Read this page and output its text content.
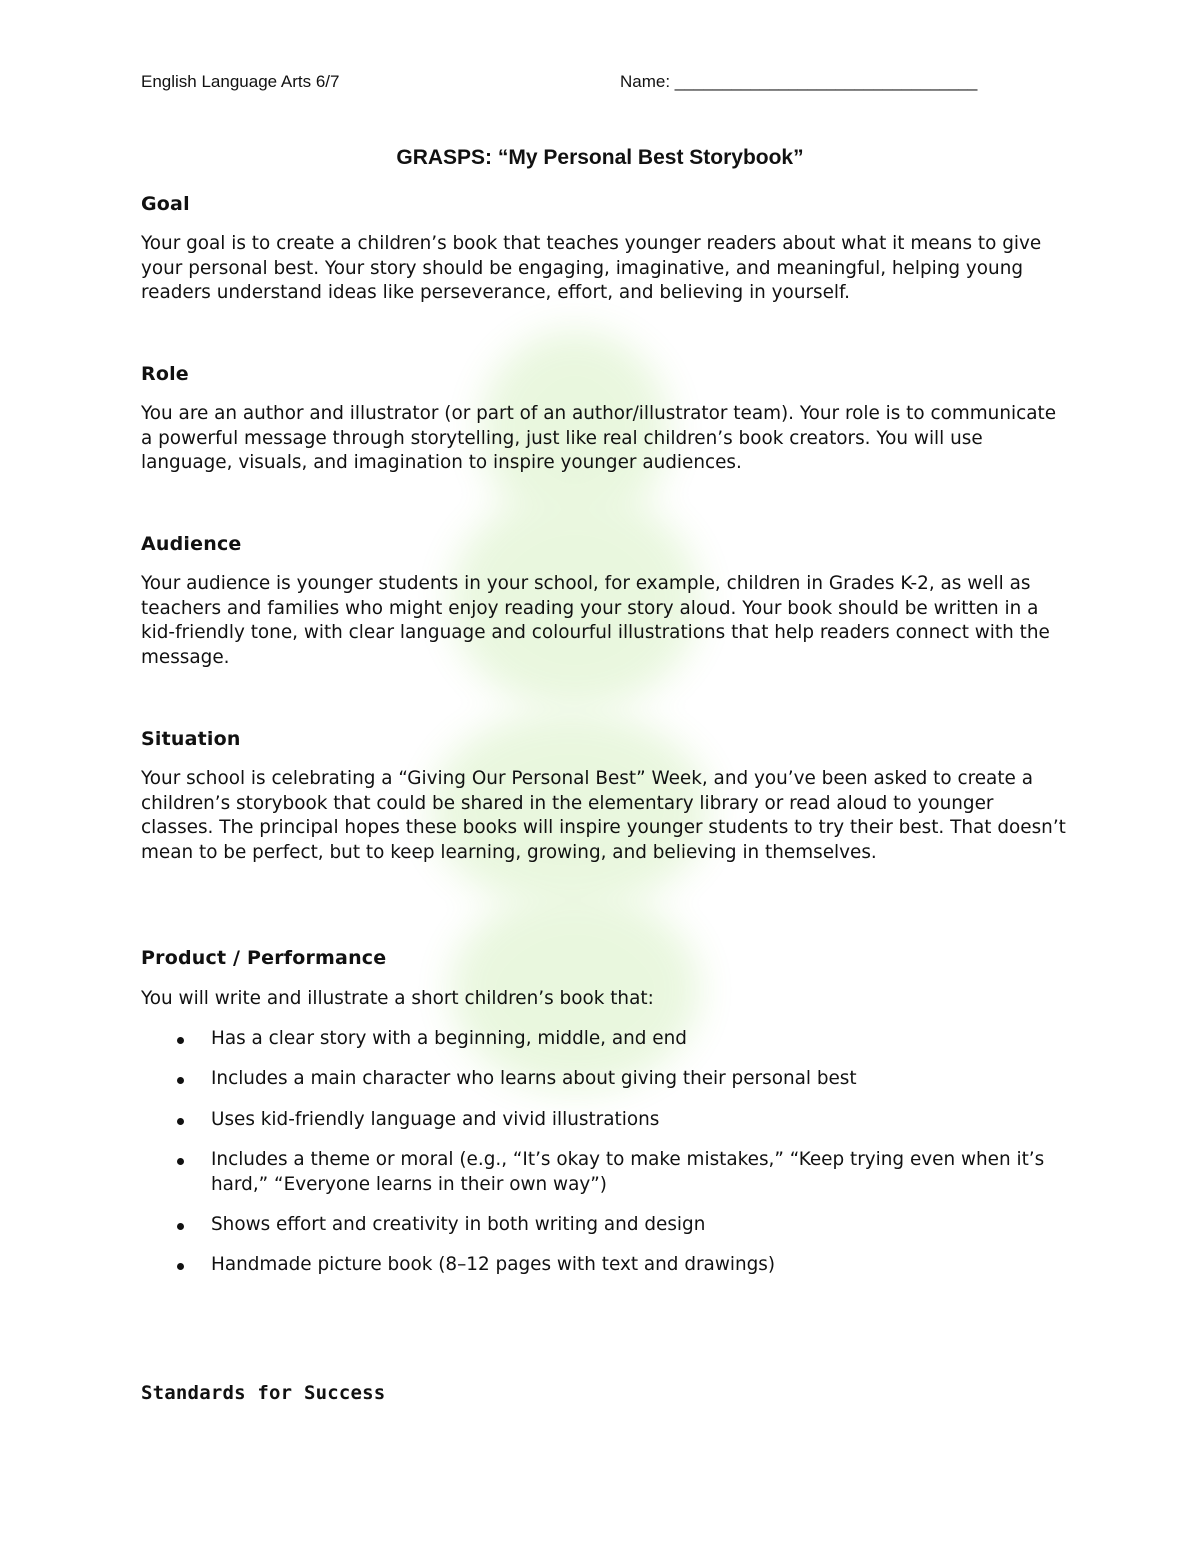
English Language Arts 6/7	Name: ________________________________
GRASPS: “My Personal Best Storybook”
Goal
Your goal is to create a children’s book that teaches younger readers about what it means to give your personal best. Your story should be engaging, imaginative, and meaningful, helping young readers understand ideas like perseverance, effort, and believing in yourself.
Role
You are an author and illustrator (or part of an author/illustrator team). Your role is to communicate a powerful message through storytelling, just like real children’s book creators. You will use language, visuals, and imagination to inspire younger audiences.
Audience
Your audience is younger students in your school, for example, children in Grades K-2, as well as teachers and families who might enjoy reading your story aloud. Your book should be written in a kid-friendly tone, with clear language and colourful illustrations that help readers connect with the message.
Situation
Your school is celebrating a “Giving Our Personal Best” Week, and you’ve been asked to create a children’s storybook that could be shared in the elementary library or read aloud to younger classes. The principal hopes these books will inspire younger students to try their best. That doesn’t mean to be perfect, but to keep learning, growing, and believing in themselves.
Product / Performance
You will write and illustrate a short children’s book that:
Has a clear story with a beginning, middle, and end
Includes a main character who learns about giving their personal best
Uses kid-friendly language and vivid illustrations
Includes a theme or moral (e.g., “It’s okay to make mistakes,” “Keep trying even when it’s hard,” “Everyone learns in their own way”)
Shows effort and creativity in both writing and design
Handmade picture book (8–12 pages with text and drawings)
Standards for Success
